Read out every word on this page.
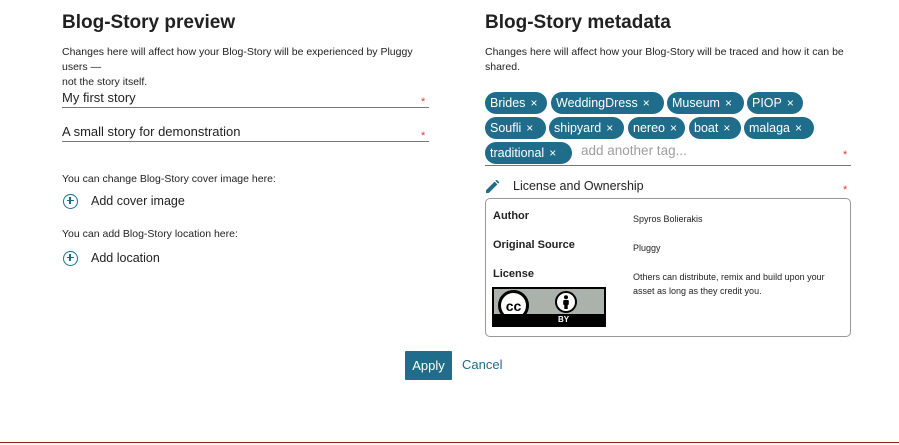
Blog-Story preview
Changes here will affect how your Blog-Story will be experienced by Pluggy users —
not the story itself.
My first story	*
A small story for demonstration	*
You can change Blog-Story cover image here:
Add cover image
You can add Blog-Story location here:
Add location
Blog-Story metadata
Changes here will affect how your Blog-Story will be traced and how it can be
shared.
Brides × WeddingDress × Museum × PIOP ×
Soufli × shipyard × nereo × boat × malaga ×
traditional × add another tag...	*
License and Ownership	*
Author	Spyros Bolierakis
Original Source	Pluggy
License	Others can distribute, remix and build upon your
asset as long as they credit you.
cc
BY
Apply	Cancel
